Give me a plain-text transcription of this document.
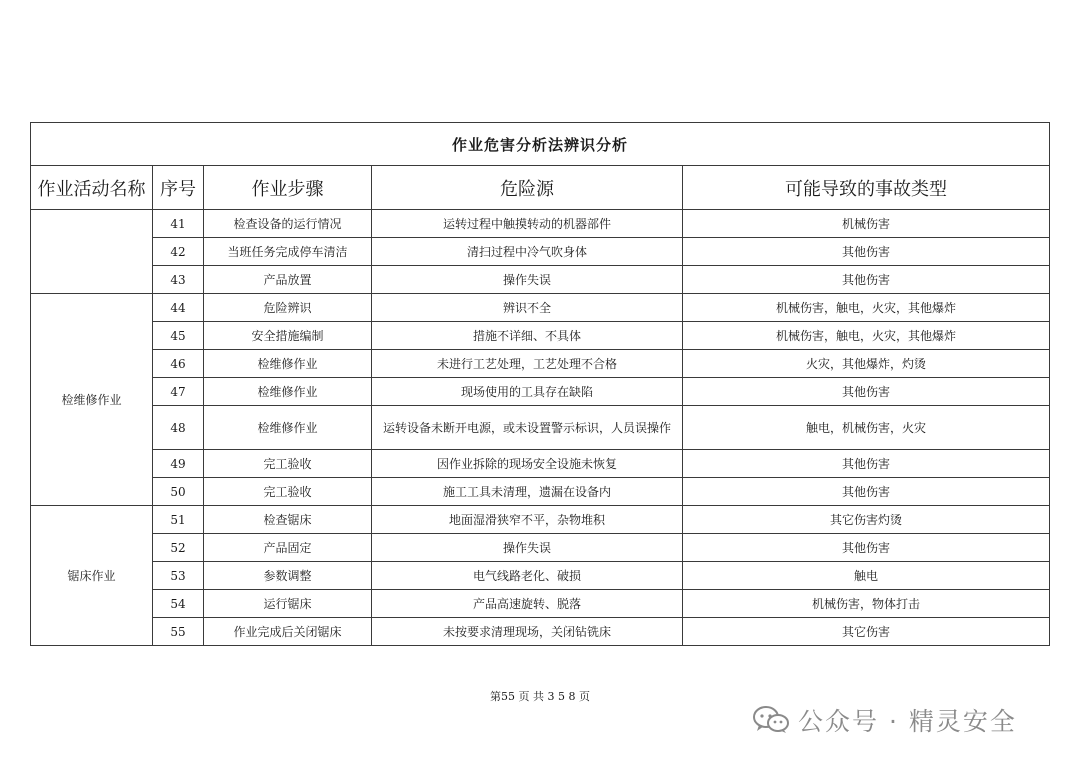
作业危害分析法辨识分析				
作业活动名称	序号	作业步骤	危险源	可能导致的事故类型
	41	检查设备的运行情况	运转过程中触摸转动的机器部件	机械伤害
	42	当班任务完成停车清洁	清扫过程中冷气吹身体	其他伤害
	43	产品放置	操作失误	其他伤害
检维修作业	44	危险辨识	辨识不全	机械伤害，触电，火灾，其他爆炸
	45	安全措施编制	措施不详细、不具体	机械伤害，触电，火灾，其他爆炸
	46	检维修作业	未进行工艺处理，工艺处理不合格	火灾，其他爆炸，灼烫
	47	检维修作业	现场使用的工具存在缺陷	其他伤害
	48	检维修作业	运转设备未断开电源，或未设置警示标识，人员误操作	触电，机械伤害，火灾
	49	完工验收	因作业拆除的现场安全设施未恢复	其他伤害
	50	完工验收	施工工具未清理，遗漏在设备内	其他伤害
锯床作业	51	检查锯床	地面湿滑狭窄不平，杂物堆积	其它伤害灼烫
	52	产品固定	操作失误	其他伤害
	53	参数调整	电气线路老化、破损	触电
	54	运行锯床	产品高速旋转、脱落	机械伤害，物体打击
	55	作业完成后关闭锯床	未按要求清理现场，关闭钻铣床	其它伤害
第55 页 共 3 5 8 页
公众号 · 精灵安全
